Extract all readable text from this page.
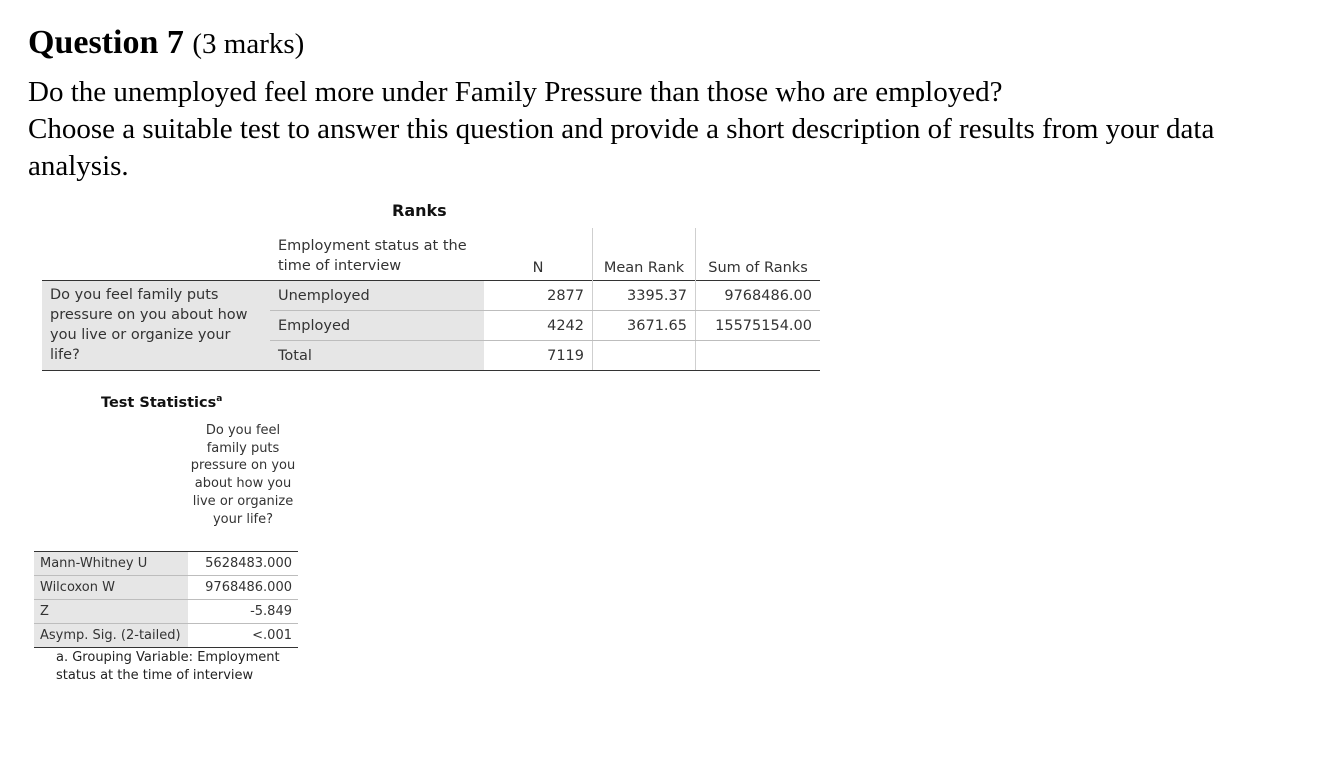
Question 7 (3 marks)

Do the unemployed feel more under Family Pressure than those who are employed?

Choose a suitable test to answer this question and provide a short description of results from your data analysis.

Ranks
	Employment status at the time of interview	N	Mean Rank	Sum of Ranks
Do you feel family puts pressure on you about how you live or organize your life?	Unemployed	2877	3395.37	9768486.00
	Employed	4242	3671.65	15575154.00
	Total	7119		
Test Statistics$^a$
Do you feel family puts pressure on you about how you live or organize your life?
Mann-Whitney U	5628483.000
Wilcoxon W	9768486.000
Z	-5.849
Asymp. Sig. (2-tailed)	<.001
a. Grouping Variable: Employment status at the time of interview
